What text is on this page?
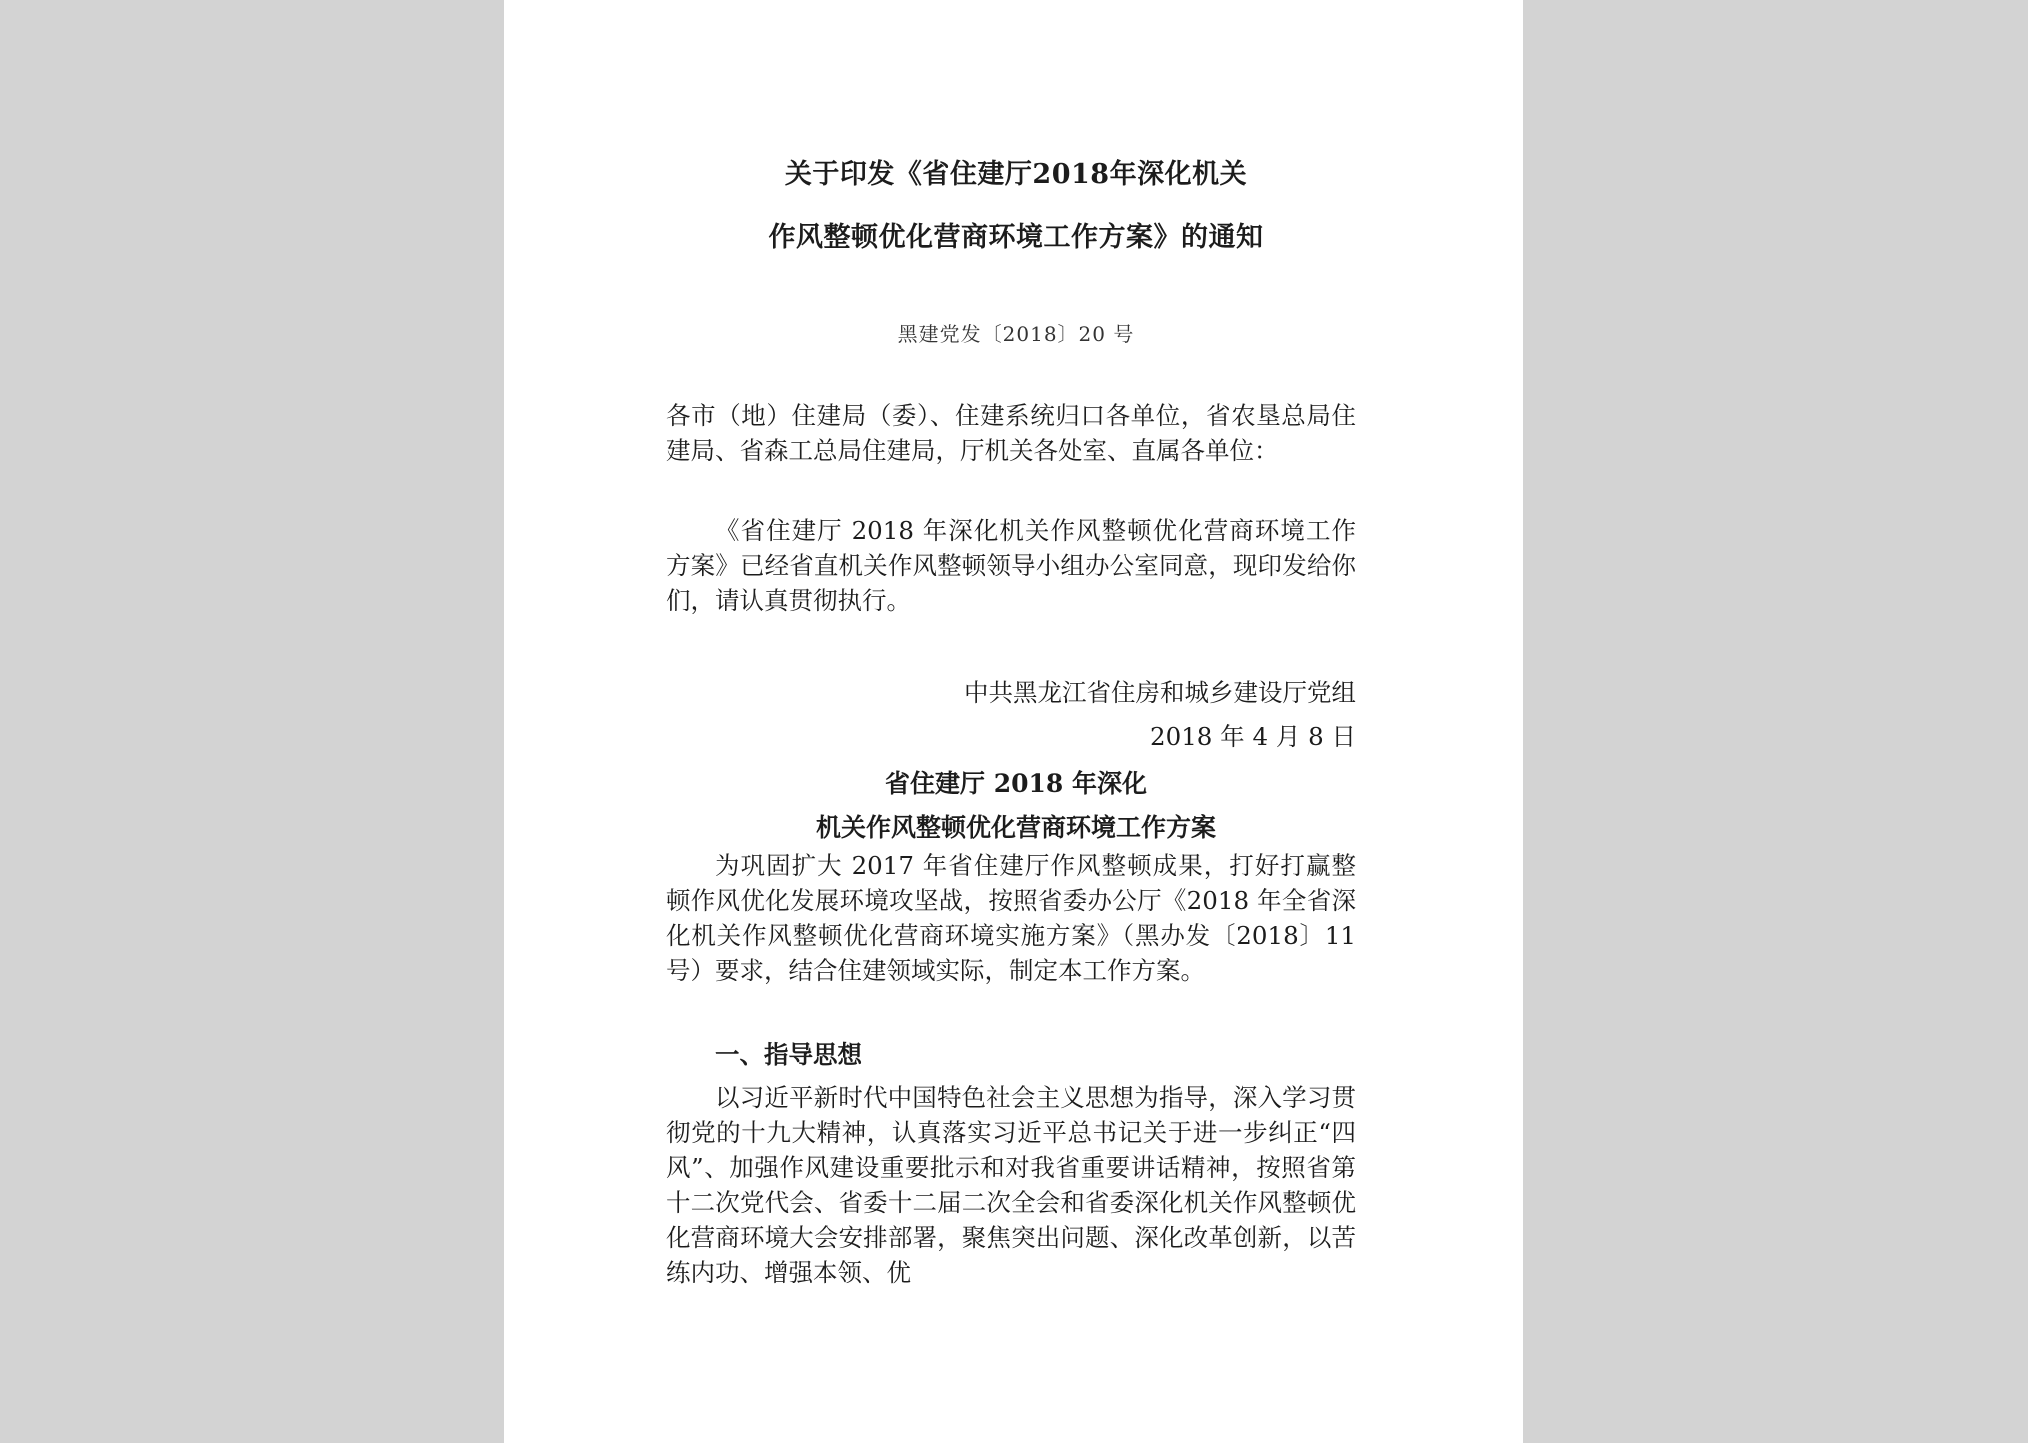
关于印发《省住建厅2018年深化机关
作风整顿优化营商环境工作方案》的通知
黑建党发〔2018〕20 号

各市（地）住建局（委）、住建系统归口各单位，省农垦总局住建局、省森工总局住建局，厅机关各处室、直属各单位：

《省住建厅 2018 年深化机关作风整顿优化营商环境工作方案》已经省直机关作风整顿领导小组办公室同意，现印发给你们，请认真贯彻执行。

中共黑龙江省住房和城乡建设厅党组
2018 年 4 月 8 日
省住建厅 2018 年深化
机关作风整顿优化营商环境工作方案

为巩固扩大 2017 年省住建厅作风整顿成果，打好打赢整顿作风优化发展环境攻坚战，按照省委办公厅《2018 年全省深化机关作风整顿优化营商环境实施方案》（黑办发〔2018〕11 号）要求，结合住建领域实际，制定本工作方案。

一、指导思想

以习近平新时代中国特色社会主义思想为指导，深入学习贯彻党的十九大精神，认真落实习近平总书记关于进一步纠正“四风”、加强作风建设重要批示和对我省重要讲话精神，按照省第十二次党代会、省委十二届二次全会和省委深化机关作风整顿优化营商环境大会安排部署，聚焦突出问题、深化改革创新，以苦练内功、增强本领、优
